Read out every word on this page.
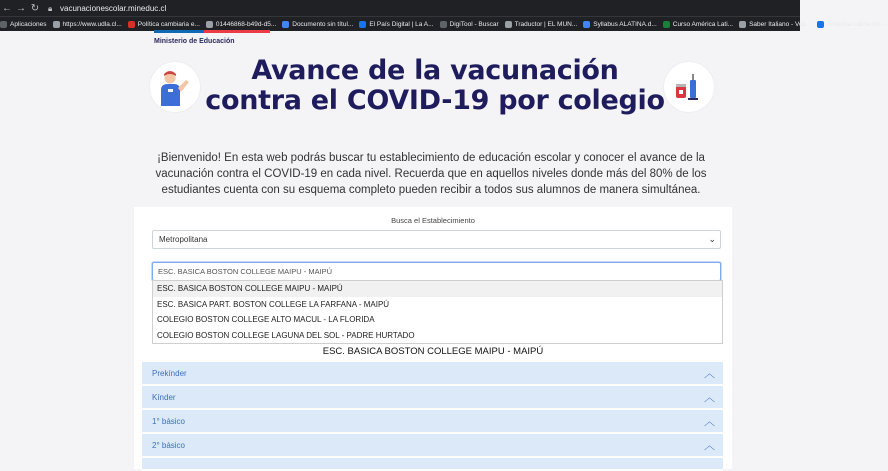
← → ↻	🔒︎ vacunacionescolar.mineduc.cl
Aplicaciones https://www.udla.cl... Política cambiaria e... 01446868-b49d-d5... Documento sin títul... El País Digital | La A... DigiTool - Buscar Traductor | EL MUN... Syllabus ALATINA.d... Curso América Lati... Saber Italiano - Voc... América Latina en i...
Ministerio de Educación
Avance de la vacunación
contra el COVID-19 por colegio
¡Bienvenido! En esta web podrás buscar tu establecimiento de educación escolar y conocer el avance de la vacunación contra el COVID-19 en cada nivel. Recuerda que en aquellos niveles donde más del 80% de los estudiantes cuenta con su esquema completo pueden recibir a todos sus alumnos de manera simultánea.
Busca el Establecimiento
Metropolitana	⌄
ESC. BASICA BOSTON COLLEGE MAIPU - MAIPÚ
ESC. BASICA BOSTON COLLEGE MAIPU - MAIPÚ
ESC. BASICA PART. BOSTON COLLEGE LA FARFANA - MAIPÚ
COLEGIO BOSTON COLLEGE ALTO MACUL - LA FLORIDA
COLEGIO BOSTON COLLEGE LAGUNA DEL SOL - PADRE HURTADO
ESC. BASICA BOSTON COLLEGE MAIPU - MAIPÚ
Prekínder	︿
Kínder	︿
1° básico	︿
2° básico	︿
